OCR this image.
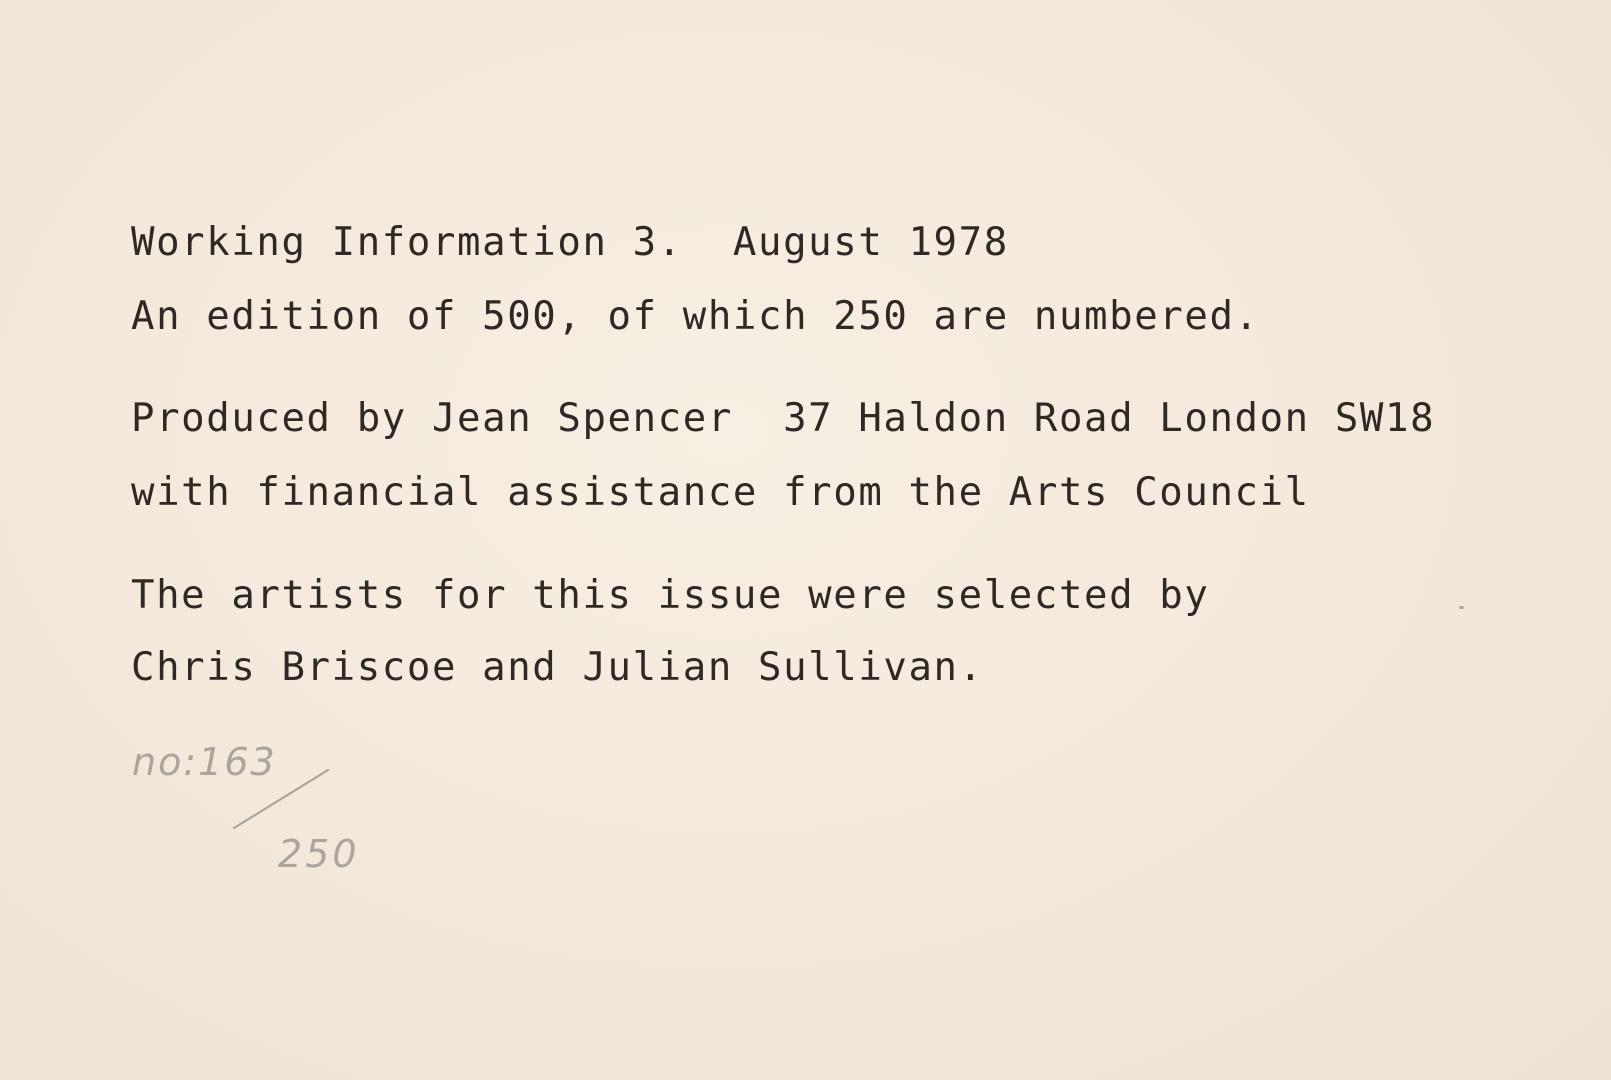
Working Information 3.  August 1978

An edition of 500, of which 250 are numbered.

Produced by Jean Spencer  37 Haldon Road London SW18

with financial assistance from the Arts Council

The artists for this issue were selected by

Chris Briscoe and Julian Sullivan.

no:163
250
